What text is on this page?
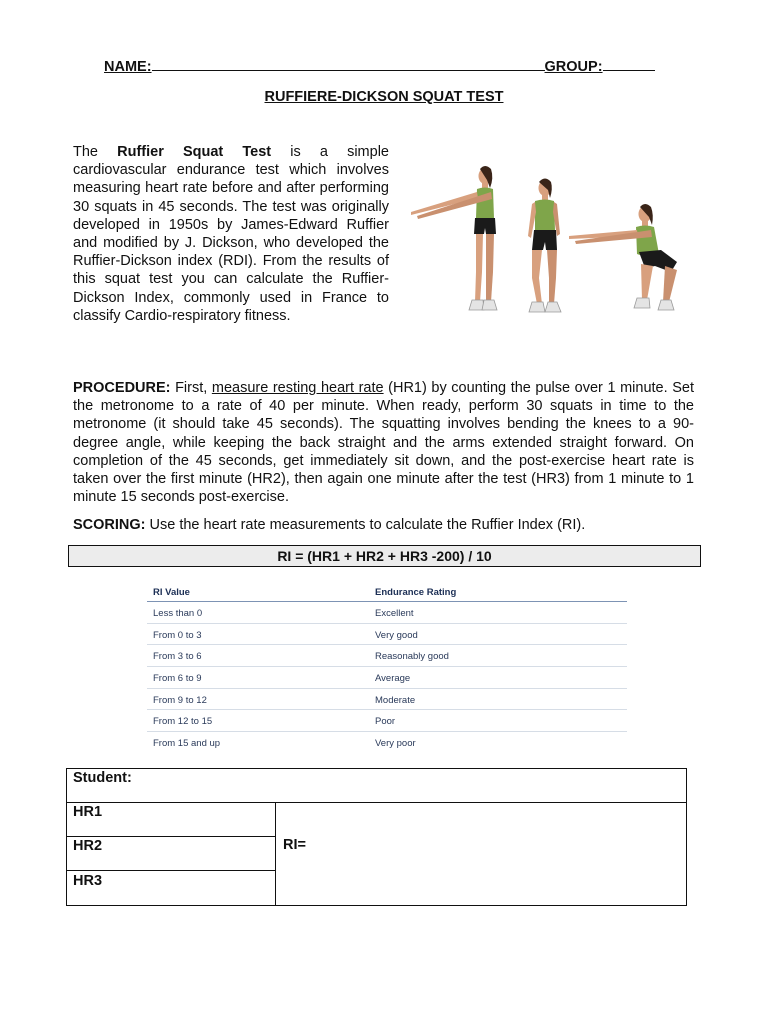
NAME:	GROUP:
RUFFIERE-DICKSON SQUAT TEST
The Ruffier Squat Test is a simple cardiovascular endurance test which involves measuring heart rate before and after performing 30 squats in 45 seconds. The test was originally developed in 1950s by James-Edward Ruffier and modified by J. Dickson, who developed the Ruffier-Dickson index (RDI). From the results of this squat test you can calculate the Ruffier-Dickson Index, commonly used in France to classify Cardio-respiratory fitness.
PROCEDURE: First, measure resting heart rate (HR1) by counting the pulse over 1 minute. Set the metronome to a rate of 40 per minute. When ready, perform 30 squats in time to the metronome (it should take 45 seconds). The squatting involves bending the knees to a 90-degree angle, while keeping the back straight and the arms extended straight forward. On completion of the 45 seconds, get immediately sit down, and the post-exercise heart rate is taken over the first minute (HR2), then again one minute after the test (HR3) from 1 minute to 1 minute 15 seconds post-exercise.
SCORING: Use the heart rate measurements to calculate the Ruffier Index (RI).
RI = (HR1 + HR2 + HR3 -200) / 10
RI Value	Endurance Rating
Less than 0	Excellent
From 0 to 3	Very good
From 3 to 6	Reasonably good
From 6 to 9	Average
From 9 to 12	Moderate
From 12 to 15	Poor
From 15 and up	Very poor
Student:
HR1
HR2
HR3
RI=
